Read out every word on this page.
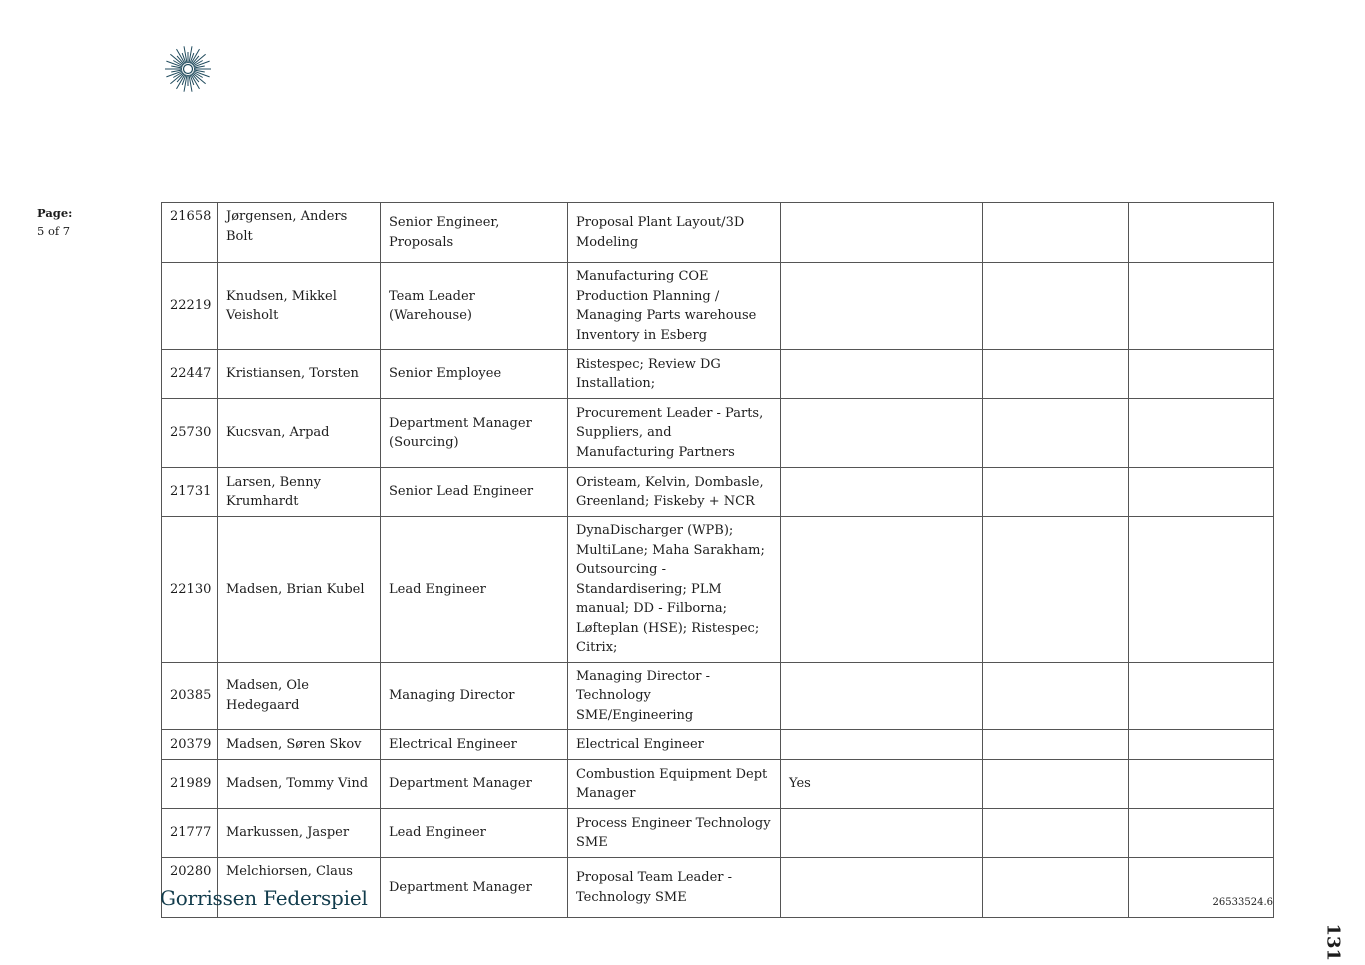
Page:
5 of 7
21658	Jørgensen, Anders Bolt	Senior Engineer, Proposals	Proposal Plant Layout/3D Modeling			
22219	Knudsen, Mikkel Veisholt	Team Leader (Warehouse)	Manufacturing COE Production Planning / Managing Parts warehouse Inventory in Esberg			
22447	Kristiansen, Torsten	Senior Employee	Ristespec; Review DG Installation;			
25730	Kucsvan, Arpad	Department Manager (Sourcing)	Procurement Leader - Parts, Suppliers, and Manufacturing Partners			
21731	Larsen, Benny Krumhardt	Senior Lead Engineer	Oristeam, Kelvin, Dombasle, Greenland; Fiskeby + NCR			
22130	Madsen, Brian Kubel	Lead Engineer	DynaDischarger (WPB); MultiLane; Maha Sarakham; Outsourcing - Standardisering; PLM manual; DD - Filborna; Løfteplan (HSE); Ristespec; Citrix;			
20385	Madsen, Ole Hedegaard	Managing Director	Managing Director - Technology SME/Engineering			
20379	Madsen, Søren Skov	Electrical Engineer	Electrical Engineer			
21989	Madsen, Tommy Vind	Department Manager	Combustion Equipment Dept Manager	Yes		
21777	Markussen, Jasper	Lead Engineer	Process Engineer Technology SME			
20280	Melchiorsen, Claus	Department Manager	Proposal Team Leader - Technology SME			
Gorrissen Federspiel	26533524.6
131
